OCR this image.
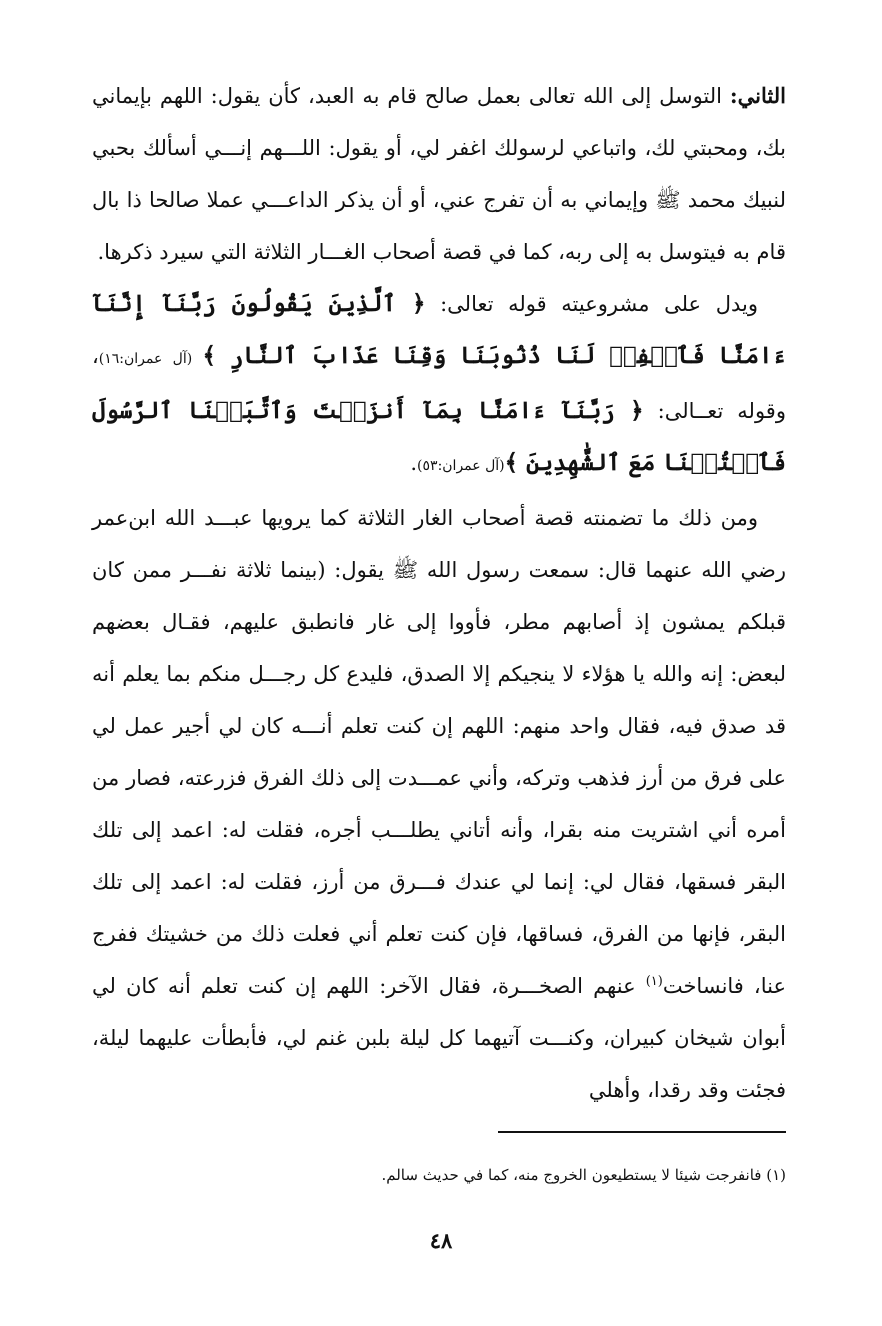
الثاني: التوسل إلى الله تعالى بعمل صالح قام به العبد، كأن يقول: اللهم بإيماني بك، ومحبتي لك، واتباعي لرسولك اغفر لي، أو يقول: اللـــهم إنـــي أسألك بحبي لنبيك محمد ﷺ وإيماني به أن تفرج عني، أو أن يذكر الداعـــي عملا صالحا ذا بال قام به فيتوسل به إلى ربه، كما في قصة أصحاب الغـــار الثلاثة التي سيرد ذكرها.

ويدل على مشروعيته قوله تعالى: ﴿ ٱلَّذِينَ يَقُولُونَ رَبَّنَآ إِنَّنَآ ءَامَنَّا فَٱغۡفِرۡ لَنَا ذُنُوبَنَا وَقِنَا عَذَابَ ٱلنَّارِ ﴾ (آل عمران:١٦)، وقوله تعــالى: ﴿ رَبَّنَآ ءَامَنَّا بِمَآ أَنزَلۡتَ وَٱتَّبَعۡنَا ٱلرَّسُولَ فَٱكۡتُبۡنَا مَعَ ٱلشَّٰهِدِينَ ﴾(آل عمران:٥٣).

ومن ذلك ما تضمنته قصة أصحاب الغار الثلاثة كما يرويها عبـــد الله ابن‌عمر رضي الله عنهما قال: سمعت رسول الله ﷺ يقول: (بينما ثلاثة نفـــر ممن كان قبلكم يمشون إذ أصابهم مطر، فأووا إلى غار فانطبق عليهم، فقـال بعضهم لبعض: إنه والله يا هؤلاء لا ينجيكم إلا الصدق، فليدع كل رجـــل منكم بما يعلم أنه قد صدق فيه، فقال واحد منهم: اللهم إن كنت تعلم أنـــه كان لي أجير عمل لي على فرق من أرز فذهب وتركه، وأني عمـــدت إلى ذلك الفرق فزرعته، فصار من أمره أني اشتريت منه بقرا، وأنه أتاني يطلـــب أجره، فقلت له: اعمد إلى تلك البقر فسقها، فقال لي: إنما لي عندك فـــرق من أرز، فقلت له: اعمد إلى تلك البقر، فإنها من الفرق، فساقها، فإن كنت تعلم أني فعلت ذلك من خشيتك ففرج عنا، فانساخت$^{(١)}$ عنهم الصخـــرة، فقال الآخر: اللهم إن كنت تعلم أنه كان لي أبوان شيخان كبيران، وكنـــت آتيهما كل ليلة بلبن غنم لي، فأبطأت عليهما ليلة، فجئت وقد رقدا، وأهلي

(١) فانفرجت شيئا لا يستطيعون الخروج منه، كما في حديث سالم.
٤٨
